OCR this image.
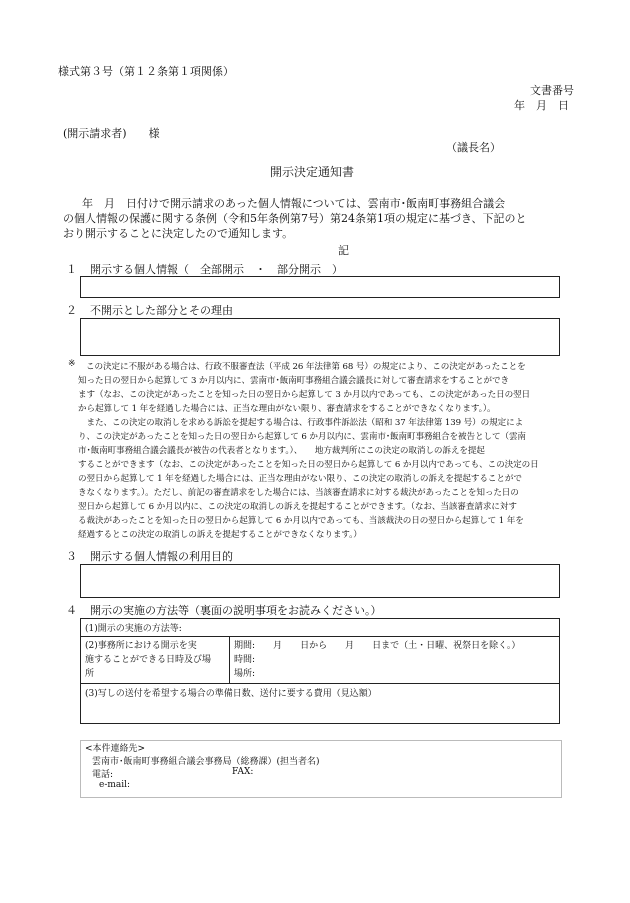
様式第３号（第１２条第１項関係）
文書番号
年　月　日
(開示請求者)　　様
（議長名）
開示決定通知書
年　月　日付けで開示請求のあった個人情報については、雲南市･飯南町事務組合議会
の個人情報の保護に関する条例（令和5年条例第7号）第24条第1項の規定に基づき、下記のと
おり開示することに決定したので通知します。
記
１ 開示する個人情報（　全部開示　・　部分開示　）
２ 不開示とした部分とその理由
※ この決定に不服がある場合は、行政不服審査法（平成 26 年法律第 68 号）の規定により、この決定があったことを
知った日の翌日から起算して 3 か月以内に、雲南市･飯南町事務組合議会議長に対して審査請求をすることができ
ます（なお、この決定があったことを知った日の翌日から起算して 3 か月以内であっても、この決定があった日の翌日
から起算して 1 年を経過した場合には、正当な理由がない限り、審査請求をすることができなくなります。）。
　また、この決定の取消しを求める訴訟を提起する場合は、行政事件訴訟法（昭和 37 年法律第 139 号）の規定によ
り、この決定があったことを知った日の翌日から起算して 6 か月以内に、雲南市･飯南町事務組合を被告として（雲南
市･飯南町事務組合議会議長が被告の代表者となります。）、　　地方裁判所にこの決定の取消しの訴えを提起
することができます（なお、この決定があったことを知った日の翌日から起算して 6 か月以内であっても、この決定の日
の翌日から起算して 1 年を経過した場合には、正当な理由がない限り、この決定の取消しの訴えを提起することがで
きなくなります。）。ただし、前記の審査請求をした場合には、当該審査請求に対する裁決があったことを知った日の
翌日から起算して 6 か月以内に、この決定の取消しの訴えを提起することができます。（なお、当該審査請求に対す
る裁決があったことを知った日の翌日から起算して 6 か月以内であっても、当該裁決の日の翌日から起算して 1 年を
経過するとこの決定の取消しの訴えを提起することができなくなります。）
３ 開示する個人情報の利用目的
４ 開示の実施の方法等（裏面の説明事項をお読みください。）
(1)開示の実施の方法等:

(2)事務所における開示を実
施することができる日時及び場
所

期間:　　 月　　日から　　月　　日まで（土・日曜、祝祭日を除く。）
時間:
場所:

(3)写しの送付を希望する場合の準備日数、送付に要する費用（見込額）
<本件連絡先>
雲南市･飯南町事務組合議会事務局（総務課）(担当者名)
電話:	FAX:
e-mail:
